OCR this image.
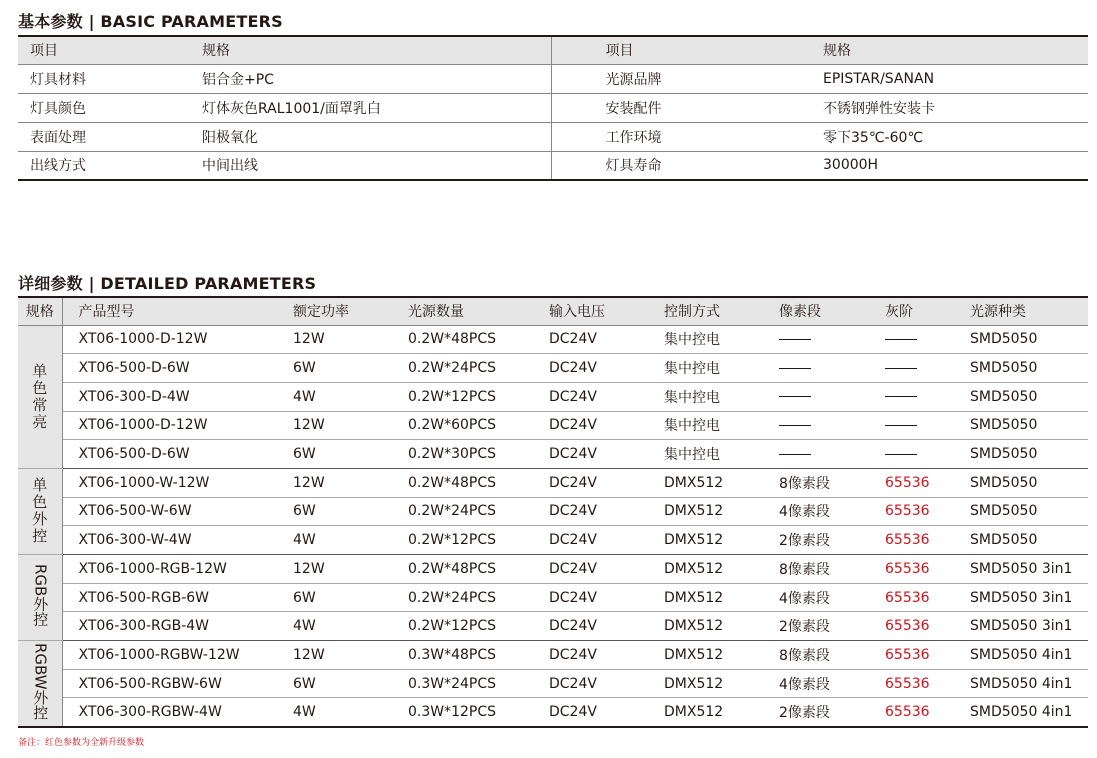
基本参数 | BASIC PARAMETERS
项目	规格	项目	规格
灯具材料	铝合金+PC	光源品牌	EPISTAR/SANAN
灯具颜色	灯体灰色RAL1001/面罩乳白	安装配件	不锈钢弹性安装卡
表面处理	阳极氧化	工作环境	零下35℃-60℃
出线方式	中间出线	灯具寿命	30000H
详细参数 | DETAILED PARAMETERS
规格	产品型号	额定功率	光源数量	输入电压	控制方式	像素段	灰阶	光源种类

单
色
常
亮	XT06-1000-D-12W	12W	0.2W*48PCS	DC24V	集中控电			SMD5050
	XT06-500-D-6W	6W	0.2W*24PCS	DC24V	集中控电			SMD5050
	XT06-300-D-4W	4W	0.2W*12PCS	DC24V	集中控电			SMD5050
	XT06-1000-D-12W	12W	0.2W*60PCS	DC24V	集中控电			SMD5050
	XT06-500-D-6W	6W	0.2W*30PCS	DC24V	集中控电			SMD5050

单
色
外
控	XT06-1000-W-12W	12W	0.2W*48PCS	DC24V	DMX512	8像素段	65536	SMD5050
	XT06-500-W-6W	6W	0.2W*24PCS	DC24V	DMX512	4像素段	65536	SMD5050
	XT06-300-W-4W	4W	0.2W*12PCS	DC24V	DMX512	2像素段	65536	SMD5050
RGB外控	XT06-1000-RGB-12W	12W	0.2W*48PCS	DC24V	DMX512	8像素段	65536	SMD5050 3in1
	XT06-500-RGB-6W	6W	0.2W*24PCS	DC24V	DMX512	4像素段	65536	SMD5050 3in1
	XT06-300-RGB-4W	4W	0.2W*12PCS	DC24V	DMX512	2像素段	65536	SMD5050 3in1
RGBW外控	XT06-1000-RGBW-12W	12W	0.3W*48PCS	DC24V	DMX512	8像素段	65536	SMD5050 4in1
	XT06-500-RGBW-6W	6W	0.3W*24PCS	DC24V	DMX512	4像素段	65536	SMD5050 4in1
	XT06-300-RGBW-4W	4W	0.3W*12PCS	DC24V	DMX512	2像素段	65536	SMD5050 4in1
备注：红色参数为全新升级参数
